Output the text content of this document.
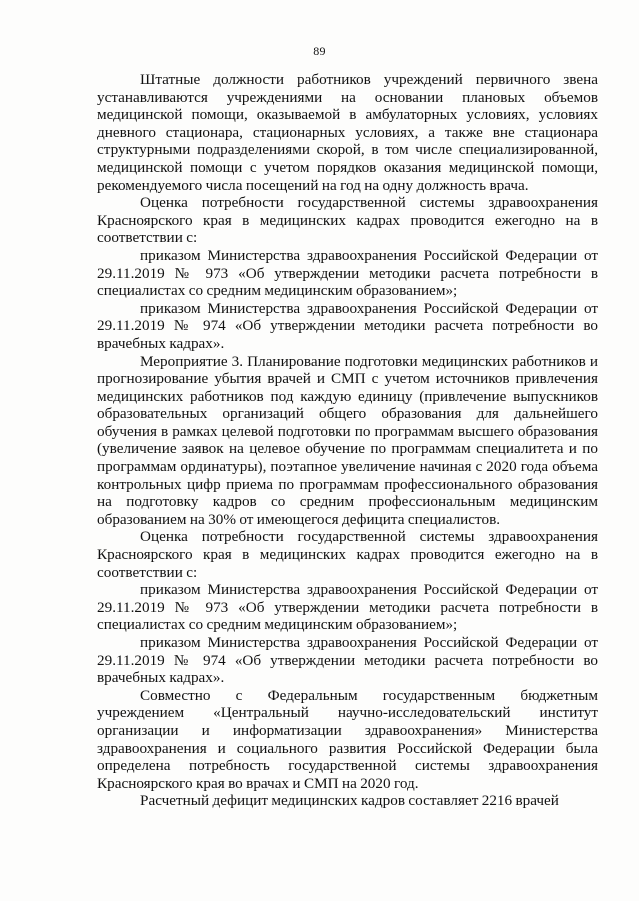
89

Штатные должности работников учреждений первичного звена устанавливаются учреждениями на основании плановых объемов медицинской помощи, оказываемой в амбулаторных условиях, условиях дневного стационара, стационарных условиях, а также вне стационара структурными подразделениями скорой, в том числе специализированной, медицинской помощи с учетом порядков оказания медицинской помощи, рекомендуемого числа посещений на год на одну должность врача.

Оценка потребности государственной системы здравоохранения Красноярского края в медицинских кадрах проводится ежегодно на в соответствии с:

приказом Министерства здравоохранения Российской Федерации от 29.11.2019 № 973 «Об утверждении методики расчета потребности в специалистах со средним медицинским образованием»;

приказом Министерства здравоохранения Российской Федерации от 29.11.2019 № 974 «Об утверждении методики расчета потребности во врачебных кадрах».

Мероприятие 3. Планирование подготовки медицинских работников и прогнозирование убытия врачей и СМП с учетом источников привлечения медицинских работников под каждую единицу (привлечение выпускников образовательных организаций общего образования для дальнейшего обучения в рамках целевой подготовки по программам высшего образования (увеличение заявок на целевое обучение по программам специалитета и по программам ординатуры), поэтапное увеличение начиная с 2020 года объема контрольных цифр приема по программам профессионального образования на подготовку кадров со средним профессиональным медицинским образованием на 30% от имеющегося дефицита специалистов.

Оценка потребности государственной системы здравоохранения Красноярского края в медицинских кадрах проводится ежегодно на в соответствии с:

приказом Министерства здравоохранения Российской Федерации от 29.11.2019 № 973 «Об утверждении методики расчета потребности в специалистах со средним медицинским образованием»;

приказом Министерства здравоохранения Российской Федерации от 29.11.2019 № 974 «Об утверждении методики расчета потребности во врачебных кадрах».

Совместно с Федеральным государственным бюджетным учреждением «Центральный научно-исследовательский институт организации и информатизации здравоохранения» Министерства здравоохранения и социального развития Российской Федерации была определена потребность государственной системы здравоохранения Красноярского края во врачах и СМП на 2020 год.

Расчетный дефицит медицинских кадров составляет 2216 врачей
